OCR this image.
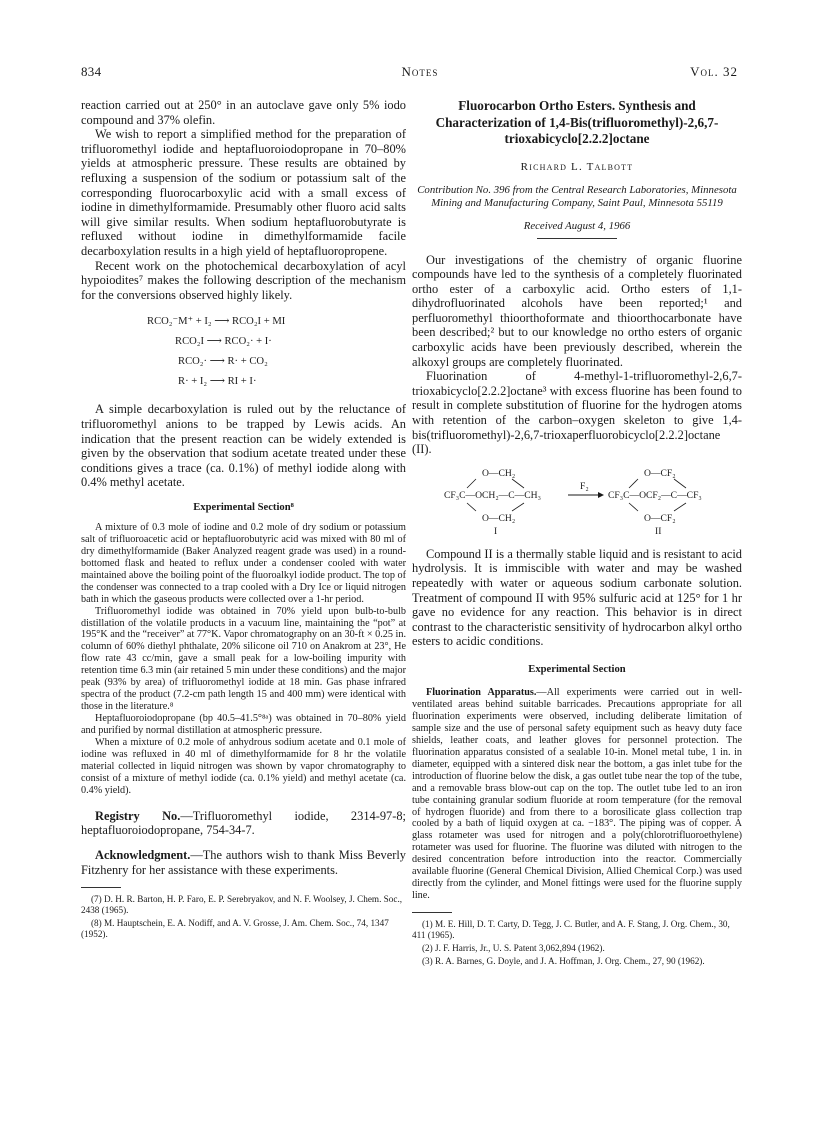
834	Notes	Vol. 32

reaction carried out at 250° in an autoclave gave only 5% iodo compound and 37% olefin.

We wish to report a simplified method for the preparation of trifluoromethyl iodide and heptafluoroiodopropane in 70–80% yields at atmospheric pressure. These results are obtained by refluxing a suspension of the sodium or potassium salt of the corresponding fluorocarboxylic acid with a small excess of iodine in dimethylformamide. Presumably other fluoro acid salts will give similar results. When sodium heptafluorobutyrate is refluxed without iodine in dimethylformamide facile decarboxylation results in a high yield of heptafluoropropene.

Recent work on the photochemical decarboxylation of acyl hypoiodites⁷ makes the following description of the mechanism for the conversions observed highly likely.

RCO₂⁻M⁺ + I₂ ⟶ RCO₂I + MI
RCO₂I ⟶ RCO₂· + I·
RCO₂· ⟶ R· + CO₂
R· + I₂ ⟶ RI + I·

A simple decarboxylation is ruled out by the reluctance of trifluoromethyl anions to be trapped by Lewis acids. An indication that the present reaction can be widely extended is given by the observation that sodium acetate treated under these conditions gives a trace (ca. 0.1%) of methyl iodide along with 0.4% methyl acetate.

Experimental Section⁸

A mixture of 0.3 mole of iodine and 0.2 mole of dry sodium or potassium salt of trifluoroacetic acid or heptafluorobutyric acid was mixed with 80 ml of dry dimethylformamide (Baker Analyzed reagent grade was used) in a round-bottomed flask and heated to reflux under a condenser cooled with water maintained above the boiling point of the fluoroalkyl iodide product. The top of the condenser was connected to a trap cooled with a Dry Ice or liquid nitrogen bath in which the gaseous products were collected over a 1-hr period.

Trifluoromethyl iodide was obtained in 70% yield upon bulb-to-bulb distillation of the volatile products in a vacuum line, maintaining the “pot” at 195°K and the “receiver” at 77°K. Vapor chromatography on an 30-ft × 0.25 in. column of 60% diethyl phthalate, 20% silicone oil 710 on Anakrom at 23°, He flow rate 43 cc/min, gave a small peak for a low-boiling impurity with retention time 6.3 min (air retained 5 min under these conditions) and the major peak (93% by area) of trifluoromethyl iodide at 18 min. Gas phase infrared spectra of the product (7.2-cm path length 15 and 400 mm) were identical with those in the literature.⁸

Heptafluoroiodopropane (bp 40.5–41.5°⁸ᵃ) was obtained in 70–80% yield and purified by normal distillation at atmospheric pressure.

When a mixture of 0.2 mole of anhydrous sodium acetate and 0.1 mole of iodine was refluxed in 40 ml of dimethylformamide for 8 hr the volatile material collected in liquid nitrogen was shown by vapor chromatography to consist of a mixture of methyl iodide (ca. 0.1% yield) and methyl acetate (ca. 0.4% yield).

Registry No.—Trifluoromethyl iodide, 2314-97-8; heptafluoroiodopropane, 754-34-7.

Acknowledgment.—The authors wish to thank Miss Beverly Fitzhenry for her assistance with these experiments.

(7) D. H. R. Barton, H. P. Faro, E. P. Serebryakov, and N. F. Woolsey, J. Chem. Soc., 2438 (1965).

(8) M. Hauptschein, E. A. Nodiff, and A. V. Grosse, J. Am. Chem. Soc., 74, 1347 (1952).

Fluorocarbon Ortho Esters. Synthesis and Characterization of 1,4-Bis(trifluoromethyl)-2,6,7-trioxabicyclo[2.2.2]octane
Richard L. Talbott
Contribution No. 396 from the Central Research Laboratories, Minnesota Mining and Manufacturing Company, Saint Paul, Minnesota 55119
Received August 4, 1966

Our investigations of the chemistry of organic fluorine compounds have led to the synthesis of a completely fluorinated ortho ester of a carboxylic acid. Ortho esters of 1,1-dihydrofluorinated alcohols have been reported;¹ and perfluoromethyl thioorthoformate and thioorthocarbonate have been described;² but to our knowledge no ortho esters of organic carboxylic acids have been previously described, wherein the alkoxyl groups are completely fluorinated.

Fluorination of 4-methyl-1-trifluoromethyl-2,6,7-trioxabicyclo[2.2.2]octane³ with excess fluorine has been found to result in complete substitution of fluorine for the hydrogen atoms with retention of the carbon–oxygen skeleton to give 1,4-bis(trifluoromethyl)-2,6,7-trioxaperfluorobicyclo[2.2.2]octane (II).

O—CH₂
CF₃C—OCH₂—C—CH₃
O—CH₂
I
F₂
O—CF₂
CF₃C—OCF₂—C—CF₃
O—CF₂
II

Compound II is a thermally stable liquid and is resistant to acid hydrolysis. It is immiscible with water and may be washed repeatedly with water or aqueous sodium carbonate solution. Treatment of compound II with 95% sulfuric acid at 125° for 1 hr gave no evidence for any reaction. This behavior is in direct contrast to the characteristic sensitivity of hydrocarbon alkyl ortho esters to acidic conditions.

Experimental Section

Fluorination Apparatus.—All experiments were carried out in well-ventilated areas behind suitable barricades. Precautions appropriate for all fluorination experiments were observed, including deliberate limitation of sample size and the use of personal safety equipment such as heavy duty face shields, leather coats, and leather gloves for personnel protection. The fluorination apparatus consisted of a sealable 10-in. Monel metal tube, 1 in. in diameter, equipped with a sintered disk near the bottom, a gas inlet tube for the introduction of fluorine below the disk, a gas outlet tube near the top of the tube, and a removable brass blow-out cap on the top. The outlet tube led to an iron tube containing granular sodium fluoride at room temperature (for the removal of hydrogen fluoride) and from there to a borosilicate glass collection trap cooled by a bath of liquid oxygen at ca. −183°. The piping was of copper. A glass rotameter was used for nitrogen and a poly(chlorotrifluoroethylene) rotameter was used for fluorine. The fluorine was diluted with nitrogen to the desired concentration before introduction into the reactor. Commercially available fluorine (General Chemical Division, Allied Chemical Corp.) was used directly from the cylinder, and Monel fittings were used for the fluorine supply line.

(1) M. E. Hill, D. T. Carty, D. Tegg, J. C. Butler, and A. F. Stang, J. Org. Chem., 30, 411 (1965).

(2) J. F. Harris, Jr., U. S. Patent 3,062,894 (1962).

(3) R. A. Barnes, G. Doyle, and J. A. Hoffman, J. Org. Chem., 27, 90 (1962).
